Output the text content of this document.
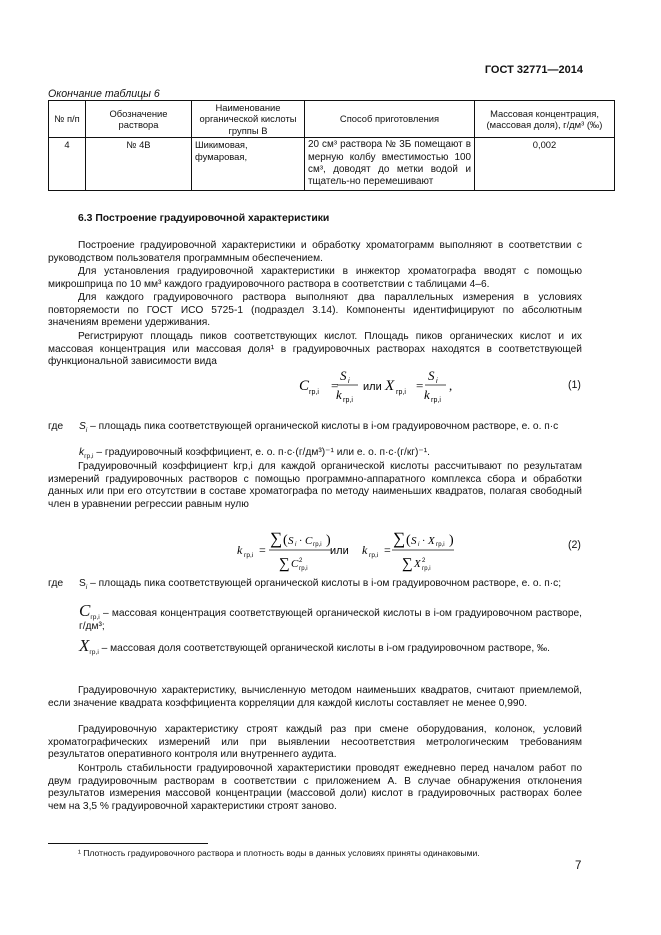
ГОСТ 32771—2014
Окончание таблицы 6
№ п/п	Обозначение раствора	Наименование органической кислоты группы В	Способ приготовления	Массовая концентрация, (массовая доля), г/дм³ (‰)
4	№ 4В	Шикимовая, фумаровая,	20 см³ раствора № 3Б помещают в мерную колбу вместимостью 100 см³, доводят до метки водой и тщатель-но перемешивают	0,002
6.3 Построение градуировочной характеристики

Построение градуировочной характеристики и обработку хроматограмм выполняют в соответствии с руководством пользователя программным обеспечением.

Для установления градуировочной характеристики в инжектор хроматографа вводят с помощью микрошприца по 10 мм³ каждого градуировочного раствора в соответствии с таблицами 4–6.

Для каждого градуировочного раствора выполняют два параллельных измерения в условиях повторяемости по ГОСТ ИСО 5725-1 (подраздел 3.14). Компоненты идентифицируют по абсолютным значениям времени удерживания.

Регистрируют площадь пиков соответствующих кислот. Площадь пиков органических кислот и их массовая концентрация или массовая доля¹ в градуировочных растворах находятся в соответствующей функциональной зависимости вида

C гр,i =
S i
k гр,i
или X гр,i =
S i
k гр,i
,	(1)
где $S_i$ – площадь пика соответствующей органической кислоты в i-ом градуировочном растворе, е. о. п·с
$k_{гр,i}$ – градуировочный коэффициент, е. о. п·с·(г/дм³)⁻¹ или е. о. п·с·(г/кг)⁻¹.

Градуировочный коэффициент kгр,i для каждой органической кислоты рассчитывают по результатам измерений градуировочных растворов с помощью программно-аппаратного комплекса сбора и обработки данных или при его отсутствии в составе хроматографа по методу наименьших квадратов, полагая свободный член в уравнении регрессии равным нулю

k гр,i =
∑ ( S i · C гр,i )
∑ C 2
гр,i
или k гр,i =
∑ ( S i · X гр,i )
∑ X 2
гр,i
(2)
где $S_i$ – площадь пика соответствующей органической кислоты в i-ом градуировочном растворе, е. о. п·с;
$C_{гр,i}$ – массовая концентрация соответствующей органической кислоты в i-ом градуировочном растворе, г/дм³;
$X_{гр,i}$ – массовая доля соответствующей органической кислоты в i-ом градуировочном растворе, ‰.

Градуировочную характеристику, вычисленную методом наименьших квадратов, считают приемлемой, если значение квадрата коэффициента корреляции для каждой кислоты составляет не менее 0,990.

Градуировочную характеристику строят каждый раз при смене оборудования, колонок, условий хроматографических измерений или при выявлении несоответствия метрологическим требованиям результатов оперативного контроля или внутреннего аудита.

Контроль стабильности градуировочной характеристики проводят ежедневно перед началом работ по двум градуировочным растворам в соответствии с приложением А. В случае обнаружения отклонения результатов измерения массовой концентрации (массовой доли) кислот в градуировочных растворах более чем на 3,5 % градуировочной характеристики строят заново.

¹ Плотность градуировочного раствора и плотность воды в данных условиях приняты одинаковыми.
7
